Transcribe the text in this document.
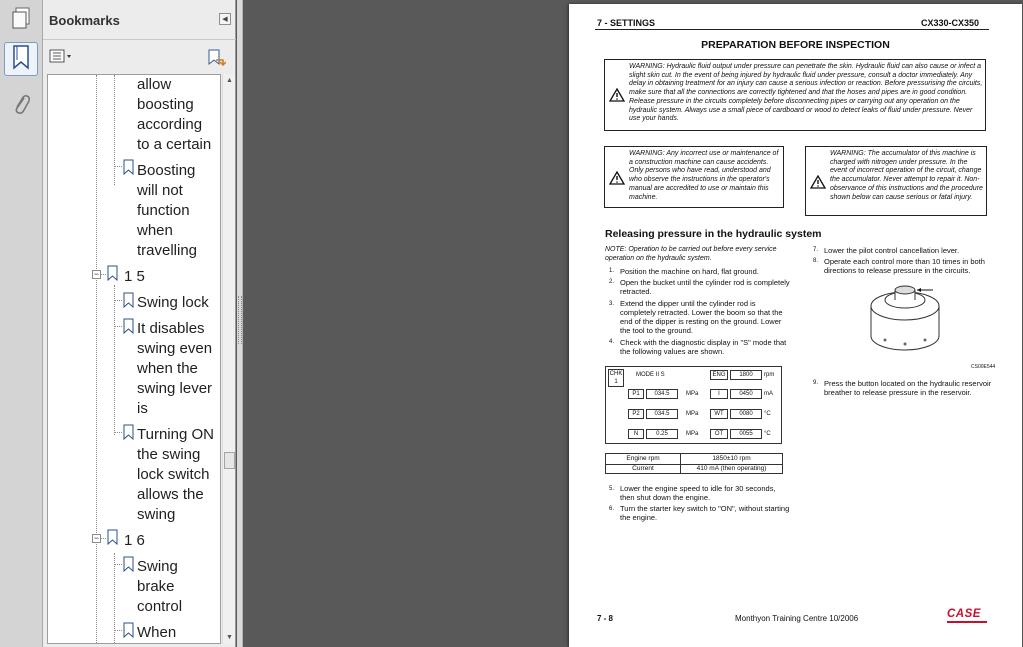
Bookmarks	◀
allow
boosting
according
to a certain
Boosting
will not
function
when
travelling
− 1 5
Swing lock
It disables
swing even
when the
swing lever
is
Turning ON
the swing
lock switch
allows the
swing
− 1 6
Swing
brake
control
When
▲
▼
7 - SETTINGS	CX330-CX350
PREPARATION BEFORE INSPECTION
WARNING: Hydraulic fluid output under pressure can penetrate the skin. Hydraulic fluid can also cause or infect a slight skin cut. In the event of being injured by hydraulic fluid under pressure, consult a doctor immediately. Any delay in obtaining treatment for an injury can cause a serious infection or reaction. Before pressurising the circuits, make sure that all the connections are correctly tightened and that the hoses and pipes are in good condition. Release pressure in the circuits completely before disconnecting pipes or carrying out any operation on the hydraulic system. Always use a small piece of cardboard or wood to detect leaks of fluid under pressure. Never use your hands.
WARNING: Any incorrect use or maintenance of a construction machine can cause accidents. Only persons who have read, understood and who observe the instructions in the operator's manual are accredited to use or maintain this machine.
WARNING: The accumulator of this machine is charged with nitrogen under pressure. In the event of incorrect operation of the circuit, change the accumulator. Never attempt to repair it. Non-observance of this instructions and the procedure shown below can cause serious or fatal injury.
Releasing pressure in the hydraulic system
NOTE: Operation to be carried out before every service operation on the hydraulic system.
1. Position the machine on hard, flat ground.
2. Open the bucket until the cylinder rod is completely retracted.
3. Extend the dipper until the cylinder rod is completely retracted. Lower the boom so that the end of the dipper is resting on the ground. Lower the tool to the ground.
4. Check with the diagnostic display in "S" mode that the following values are shown.
CHK
1
MODE II S	ENG	1800	rpm
P1	034.5	MPa	I	0450	mA
P2	034.5	MPa	WT	0080	°C
N	0.25	MPa	OT	0055	°C
Engine rpm	1850±10 rpm
Current	410 mA (then operating)
5. Lower the engine speed to idle for 30 seconds, then shut down the engine.
6. Turn the starter key switch to "ON", without starting the engine.
7. Lower the pilot control cancellation lever.
8. Operate each control more than 10 times in both directions to release pressure in the circuits.
CS00E544
9. Press the button located on the hydraulic reservoir breather to release pressure in the reservoir.
7 - 8	Monthyon Training Centre 10/2006	CASE
